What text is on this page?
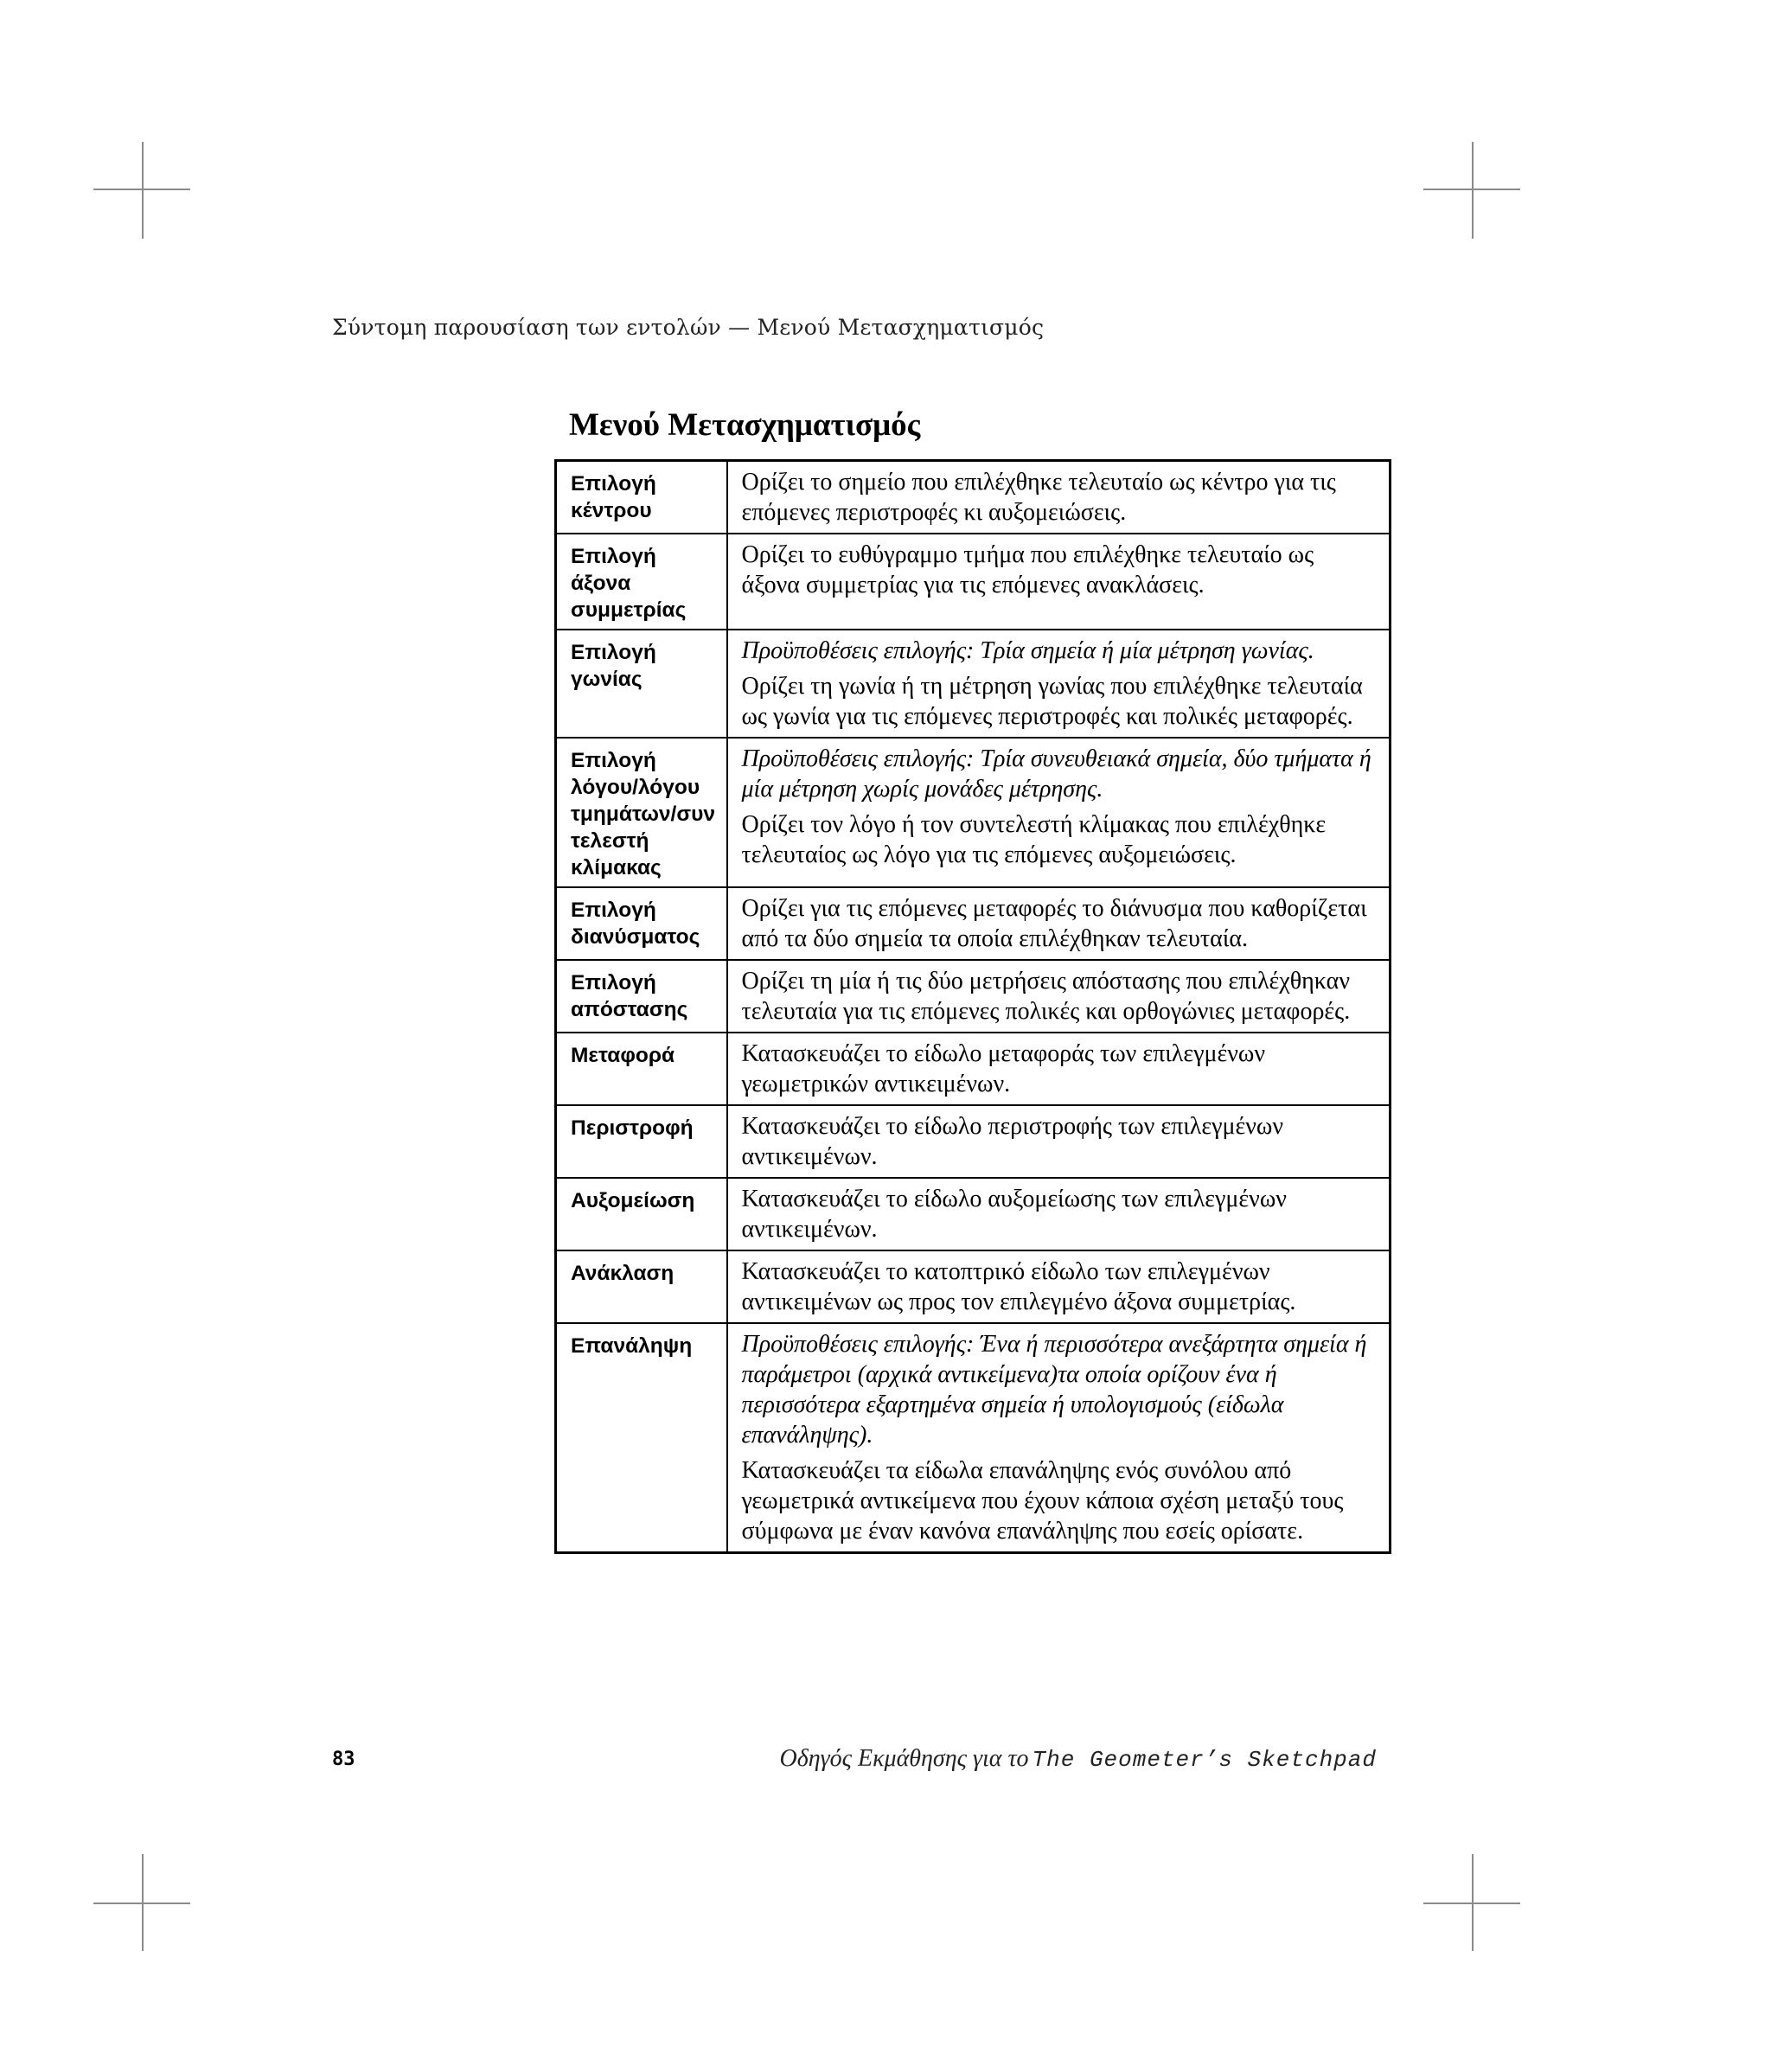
Σύντομη παρουσίαση των εντολών — Μενού Μετασχηματισμός
Μενού Μετασχηματισμός
Επιλογή κέντρου	Ορίζει το σημείο που επιλέχθηκε τελευταίο ως κέντρο για τις επόμενες περιστροφές κι αυξομειώσεις.

Επιλογή άξονα συμμετρίας	Ορίζει το ευθύγραμμο τμήμα που επιλέχθηκε τελευταίο ως άξονα συμμετρίας για τις επόμενες ανακλάσεις.

Επιλογή γωνίας	Προϋποθέσεις επιλογής: Τρία σημεία ή μία μέτρηση γωνίας.

Ορίζει τη γωνία ή τη μέτρηση γωνίας που επιλέχθηκε τελευταία ως γωνία για τις επόμενες περιστροφές και πολικές μεταφορές.

Επιλογή λόγου/λόγου τμημάτων/συν τελεστή κλίμακας	Προϋποθέσεις επιλογής: Τρία συνευθειακά σημεία, δύο τμήματα ή μία μέτρηση χωρίς μονάδες μέτρησης.

Ορίζει τον λόγο ή τον συντελεστή κλίμακας που επιλέχθηκε τελευταίος ως λόγο για τις επόμενες αυξομειώσεις.

Επιλογή διανύσματος	Ορίζει για τις επόμενες μεταφορές το διάνυσμα που καθορίζεται από τα δύο σημεία τα οποία επιλέχθηκαν τελευταία.

Επιλογή απόστασης	Ορίζει τη μία ή τις δύο μετρήσεις απόστασης που επιλέχθηκαν τελευταία για τις επόμενες πολικές και ορθογώνιες μεταφορές.

Μεταφορά	Κατασκευάζει το είδωλο μεταφοράς των επιλεγμένων γεωμετρικών αντικειμένων.

Περιστροφή	Κατασκευάζει το είδωλο περιστροφής των επιλεγμένων αντικειμένων.

Αυξομείωση	Κατασκευάζει το είδωλο αυξομείωσης των επιλεγμένων αντικειμένων.

Ανάκλαση	Κατασκευάζει το κατοπτρικό είδωλο των επιλεγμένων αντικειμένων ως προς τον επιλεγμένο άξονα συμμετρίας.

Επανάληψη	Προϋποθέσεις επιλογής: Ένα ή περισσότερα ανεξάρτητα σημεία ή παράμετροι (αρχικά αντικείμενα)τα οποία ορίζουν ένα ή περισσότερα εξαρτημένα σημεία ή υπολογισμούς (είδωλα επανάληψης).

Κατασκευάζει τα είδωλα επανάληψης ενός συνόλου από γεωμετρικά αντικείμενα που έχουν κάποια σχέση μεταξύ τους σύμφωνα με έναν κανόνα επανάληψης που εσείς ορίσατε.

83	Οδηγός Εκμάθησης για το The Geometer’s Sketchpad
